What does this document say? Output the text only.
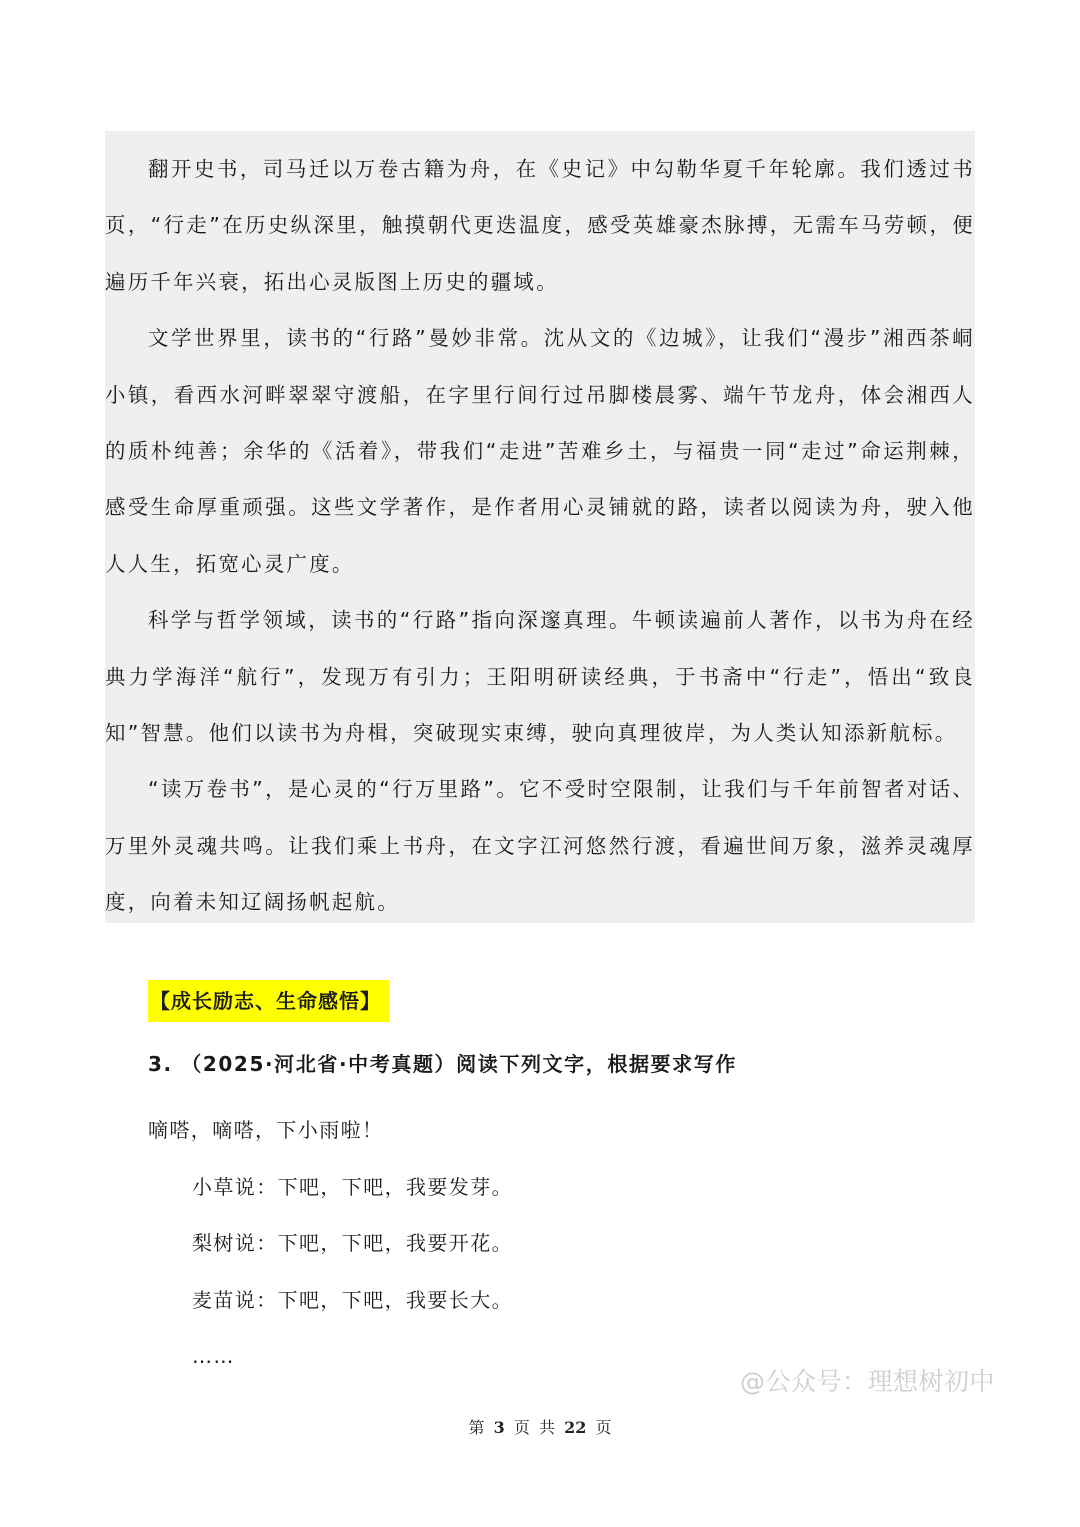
翻开史书，司马迁以万卷古籍为舟，在《史记》中勾勒华夏千年轮廓。我们透过书页，“行走”在历史纵深里，触摸朝代更迭温度，感受英雄豪杰脉搏，无需车马劳顿，便遍历千年兴衰，拓出心灵版图上历史的疆域。

文学世界里，读书的“行路”曼妙非常。沈从文的《边城》，让我们“漫步”湘西茶峒小镇，看西水河畔翠翠守渡船，在字里行间行过吊脚楼晨雾、端午节龙舟，体会湘西人的质朴纯善；余华的《活着》，带我们“走进”苦难乡土，与福贵一同“走过”命运荆棘，感受生命厚重顽强。这些文学著作，是作者用心灵铺就的路，读者以阅读为舟，驶入他人人生，拓宽心灵广度。

科学与哲学领域，读书的“行路”指向深邃真理。牛顿读遍前人著作，以书为舟在经典力学海洋“航行”，发现万有引力；王阳明研读经典，于书斋中“行走”，悟出“致良知”智慧。他们以读书为舟楫，突破现实束缚，驶向真理彼岸，为人类认知添新航标。

“读万卷书”，是心灵的“行万里路”。它不受时空限制，让我们与千年前智者对话、万里外灵魂共鸣。让我们乘上书舟，在文字江河悠然行渡，看遍世间万象，滋养灵魂厚度，向着未知辽阔扬帆起航。

【成长励志、生命感悟】

3. （2025·河北省·中考真题）阅读下列文字，根据要求写作

嘀嗒，嘀嗒，下小雨啦！
小草说：下吧，下吧，我要发芽。
梨树说：下吧，下吧，我要开花。
麦苗说：下吧，下吧，我要长大。
……
@公众号：理想树初中
第 3 页 共 22 页
